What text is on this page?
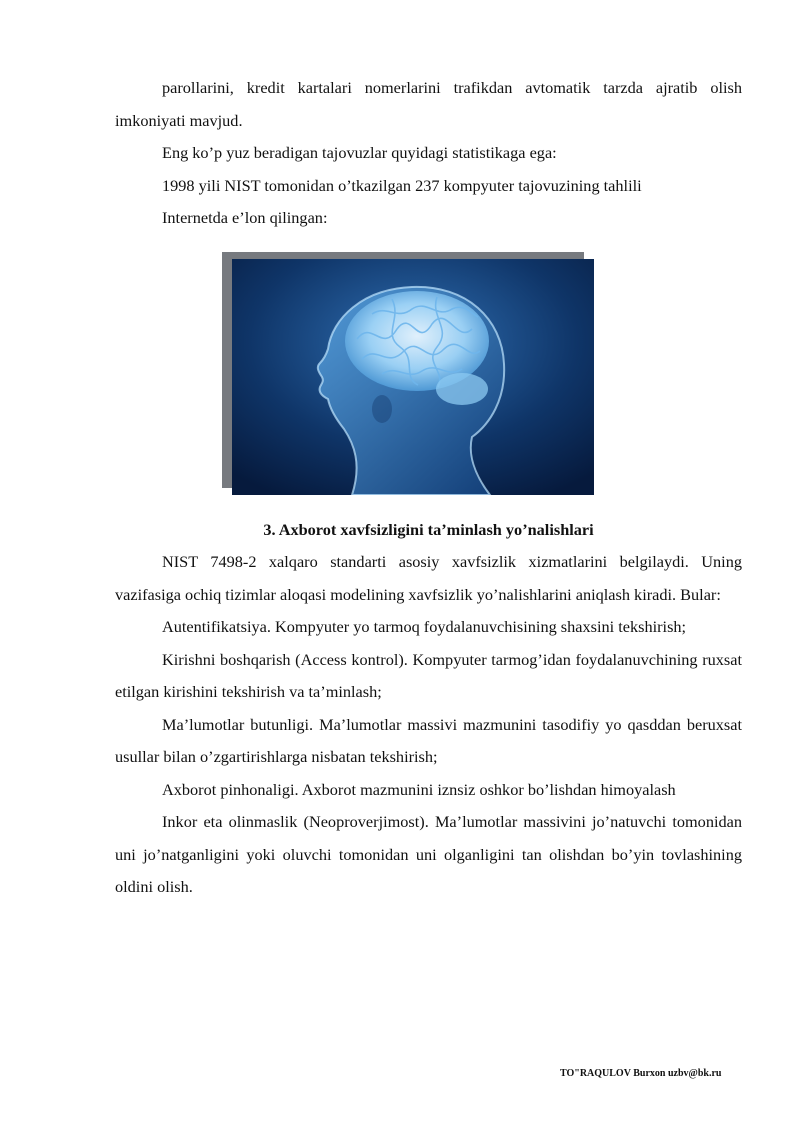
parollarini, kredit kartalari nomerlarini trafikdan avtomatik tarzda ajratib olish imkoniyati mavjud.

Eng ko’p yuz beradigan tajovuzlar quyidagi statistikaga ega:

1998 yili NIST tomonidan o’tkazilgan 237 kompyuter tajovuzining tahlili

Internetda e’lon qilingan:

3. Axborot xavfsizligini ta’minlash yo’nalishlari

NIST 7498-2 xalqaro standarti asosiy xavfsizlik xizmatlarini belgilaydi. Uning vazifasiga ochiq tizimlar aloqasi modelining xavfsizlik yo’nalishlarini aniqlash kiradi. Bular:

Autentifikatsiya. Kompyuter yo tarmoq foydalanuvchisining shaxsini tekshirish;

Kirishni boshqarish (Access kontrol). Kompyuter tarmog’idan foydalanuvchining ruxsat etilgan kirishini tekshirish va ta’minlash;

Ma’lumotlar butunligi. Ma’lumotlar massivi mazmunini tasodifiy yo qasddan beruxsat usullar bilan o’zgartirishlarga nisbatan tekshirish;

Axborot pinhonaligi. Axborot mazmunini iznsiz oshkor bo’lishdan himoyalash

Inkor eta olinmaslik (Neoproverjimost). Ma’lumotlar massivini jo’natuvchi tomonidan uni jo’natganligini yoki oluvchi tomonidan uni olganligini tan olishdan bo’yin tovlashining oldini olish.

TO"RAQULOV Burxon uzbv@bk.ru
